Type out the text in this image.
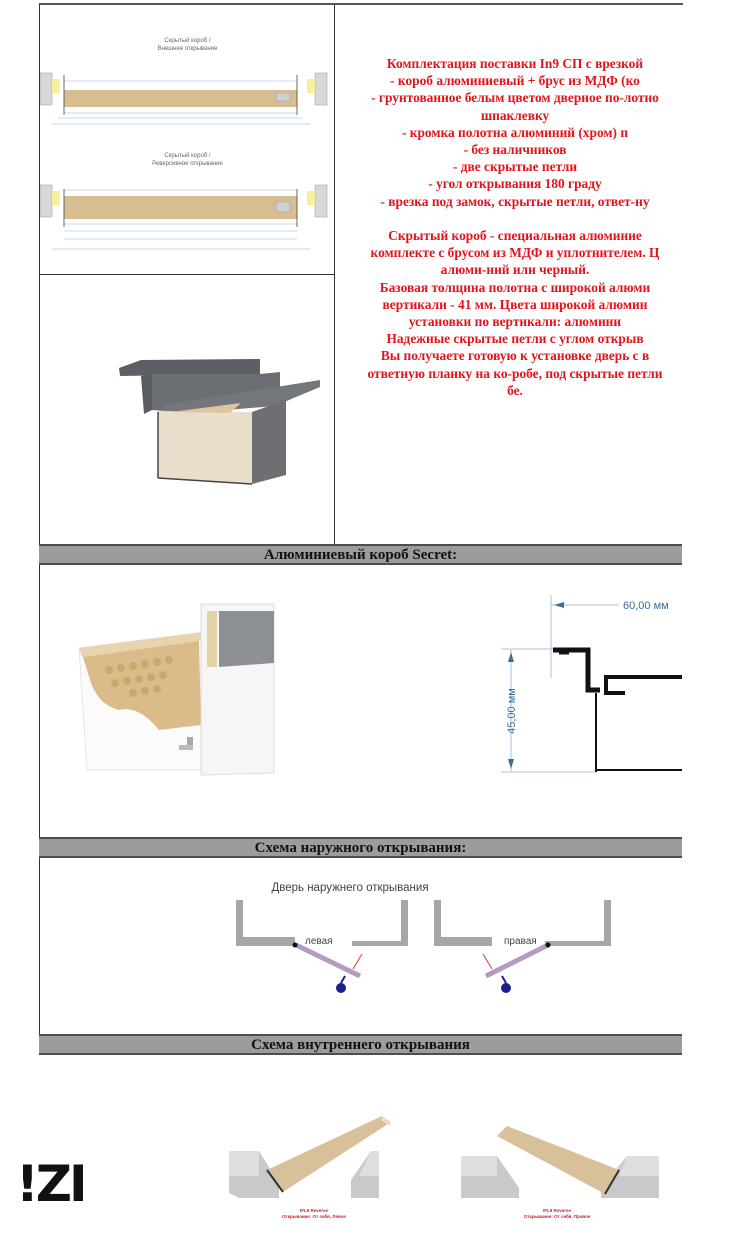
Скрытый короб /
Внешнее открывание
Скрытый короб /
Реверсивное открывание
Комплектация поставки In9 СП с врезкой
- короб алюминиевый + брус из МДФ (ко
- грунтованное белым цветом дверное по-лотно
шпаклевку
- кромка полотна алюминий (хром) п
- без наличников
- две скрытые петли
- угол открывания 180 граду
- врезка под замок, скрытые петли, ответ-ну
Скрытый короб - специальная алюминие
комплекте с брусом из МДФ и уплотнителем. Ц
алюми-ний или черный.
Базовая толщина полотна с широкой алюми
вертикали - 41 мм. Цвета широкой алюмин
установки по вертикали: алюмини
Надежные скрытые петли с углом открыв
Вы получаете готовую к установке дверь с в
ответную планку на ко-робе, под скрытые петли
бе.
Алюминиевый короб Secret:
60,00 мм
45,00 мм
Схема наружного открывания:
Дверь наружнего открывания
левая	правая
Схема внутреннего открывания
IFL9 Reverse
Открывание: От себя, Левое
IFL9 Reverse
Открывание: От себя, Правое
!ZI
